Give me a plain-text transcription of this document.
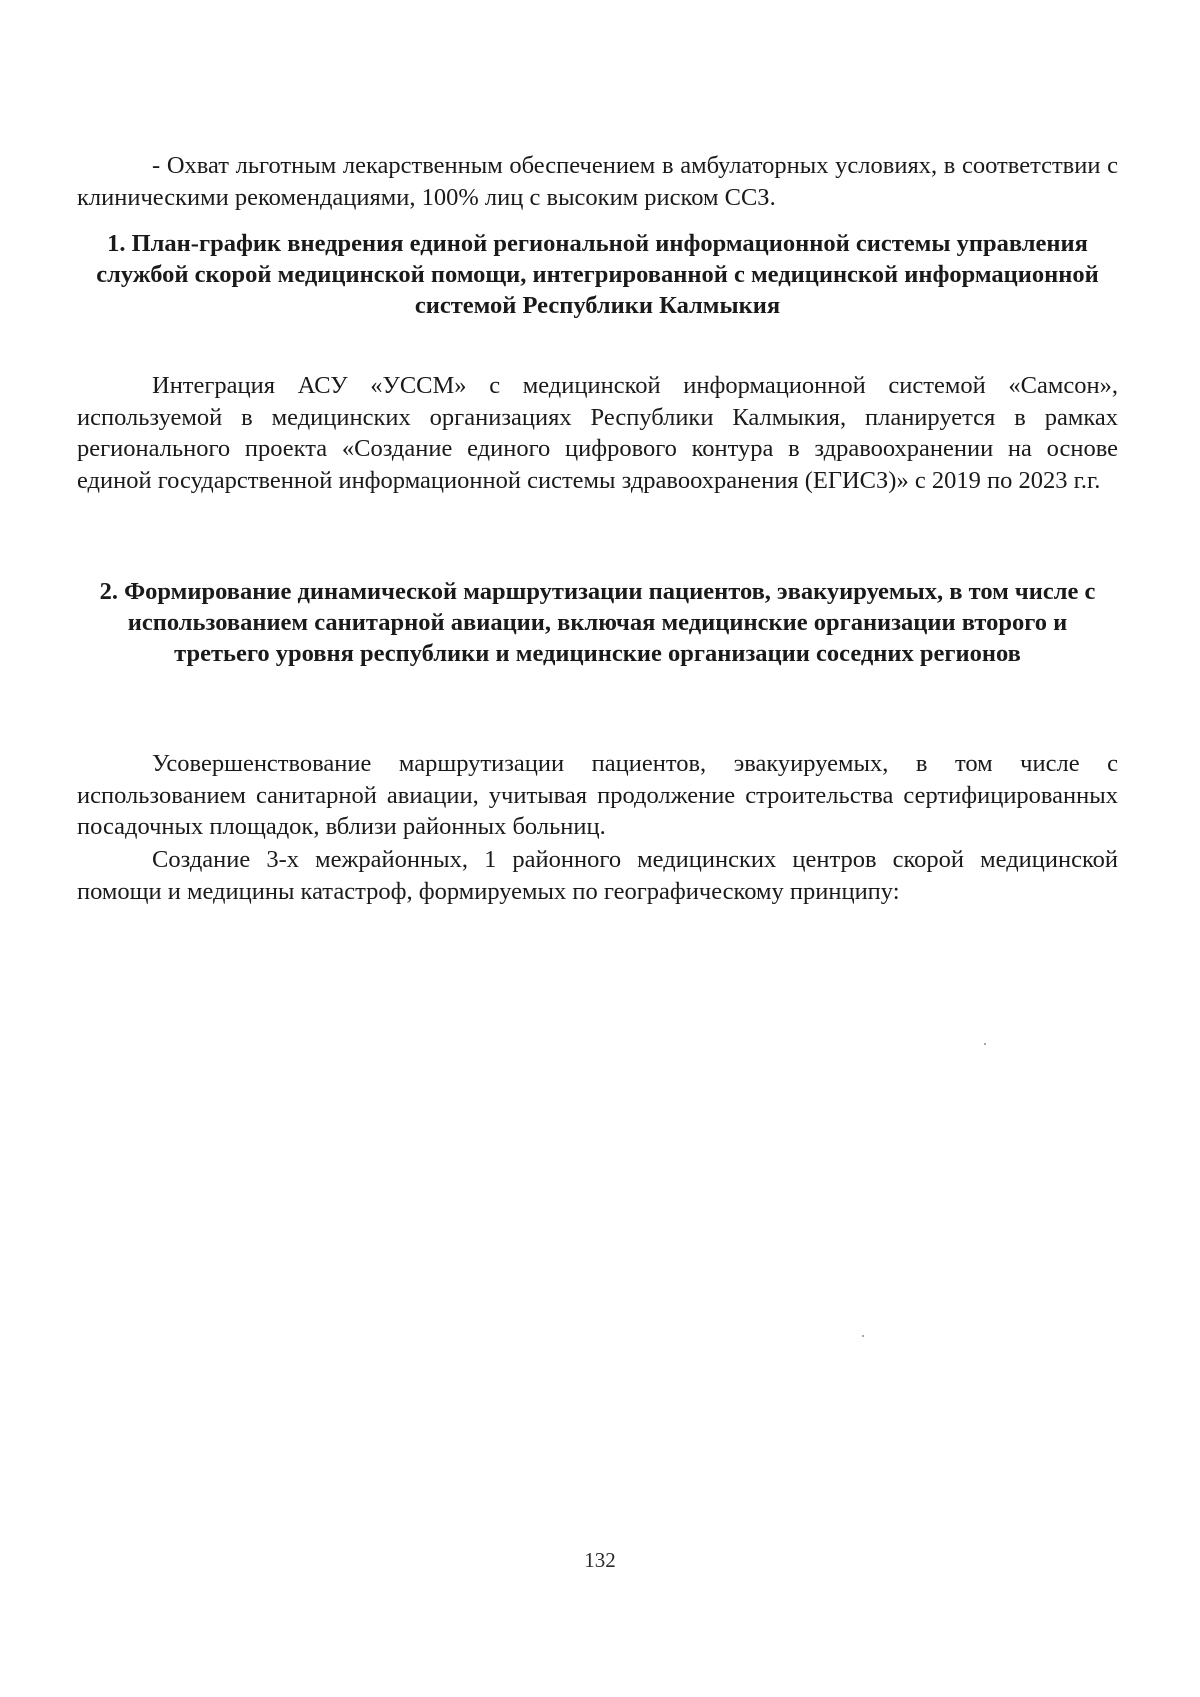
- Охват льготным лекарственным обеспечением в амбулаторных условиях, в соответствии с клиническими рекомендациями, 100% лиц с высоким риском ССЗ.

1. План-график внедрения единой региональной информационной системы управления службой скорой медицинской помощи, интегрированной с медицинской информационной системой Республики Калмыкия

Интеграция АСУ «УССМ» с медицинской информационной системой «Самсон», используемой в медицинских организациях Республики Калмыкия, планируется в рамках регионального проекта «Создание единого цифрового контура в здравоохранении на основе единой государственной информационной системы здравоохранения (ЕГИСЗ)» с 2019 по 2023 г.г.

2. Формирование динамической маршрутизации пациентов, эвакуируемых, в том числе с использованием санитарной авиации, включая медицинские организации второго и третьего уровня республики и медицинские организации соседних регионов

Усовершенствование маршрутизации пациентов, эвакуируемых, в том числе с использованием санитарной авиации, учитывая продолжение строительства сертифицированных посадочных площадок, вблизи районных больниц.

Создание 3-х межрайонных, 1 районного медицинских центров скорой медицинской помощи и медицины катастроф, формируемых по географическому принципу:

132
